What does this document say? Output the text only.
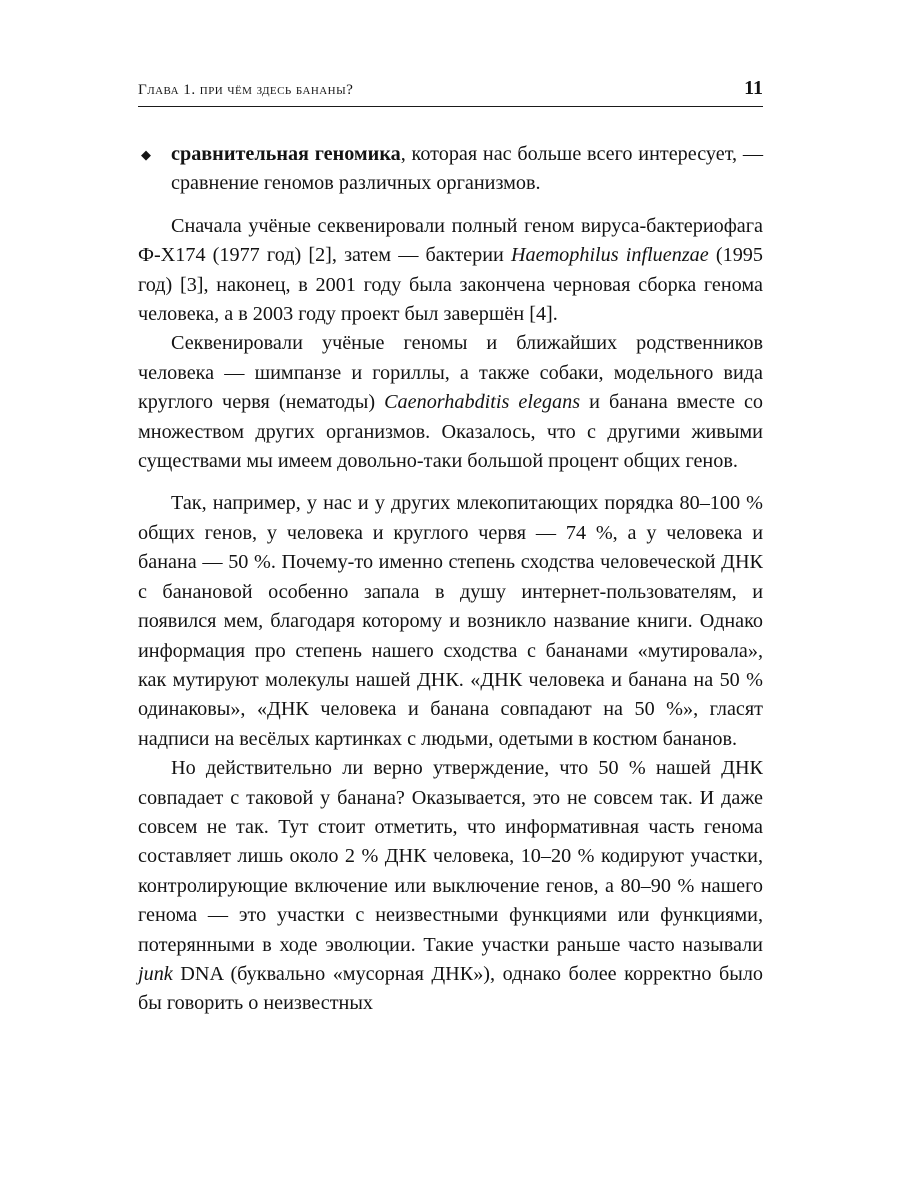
Глава 1. при чём здесь бананы?	11

◆ сравнительная геномика, которая нас больше всего интересует, — сравнение геномов различных организмов.

Сначала учёные секвенировали полный геном вируса-бактериофага Ф-Х174 (1977 год) [2], затем — бактерии Haemophilus influenzae (1995 год) [3], наконец, в 2001 году была закончена черновая сборка генома человека, а в 2003 году проект был завершён [4].

Секвенировали учёные геномы и ближайших родственников человека — шимпанзе и гориллы, а также собаки, модельного вида круглого червя (нематоды) Caenorhabditis elegans и банана вместе со множеством других организмов. Оказалось, что с другими живыми существами мы имеем довольно-таки большой процент общих генов.

Так, например, у нас и у других млекопитающих порядка 80–100 % общих генов, у человека и круглого червя — 74 %, а у человека и банана — 50 %. Почему-то именно степень сходства человеческой ДНК с банановой особенно запала в душу интернет-пользователям, и появился мем, благодаря которому и возникло название книги. Однако информация про степень нашего сходства с бананами «мутировала», как мутируют молекулы нашей ДНК. «ДНК человека и банана на 50 % одинаковы», «ДНК человека и банана совпадают на 50 %», гласят надписи на весёлых картинках с людьми, одетыми в костюм бананов.

Но действительно ли верно утверждение, что 50 % нашей ДНК совпадает с таковой у банана? Оказывается, это не совсем так. И даже совсем не так. Тут стоит отметить, что информативная часть генома составляет лишь около 2 % ДНК человека, 10–20 % кодируют участки, контролирующие включение или выключение генов, а 80–90 % нашего генома — это участки с неизвестными функциями или функциями, потерянными в ходе эволюции. Такие участки раньше часто называли junk DNA (буквально «мусорная ДНК»), однако более корректно было бы говорить о неизвестных
